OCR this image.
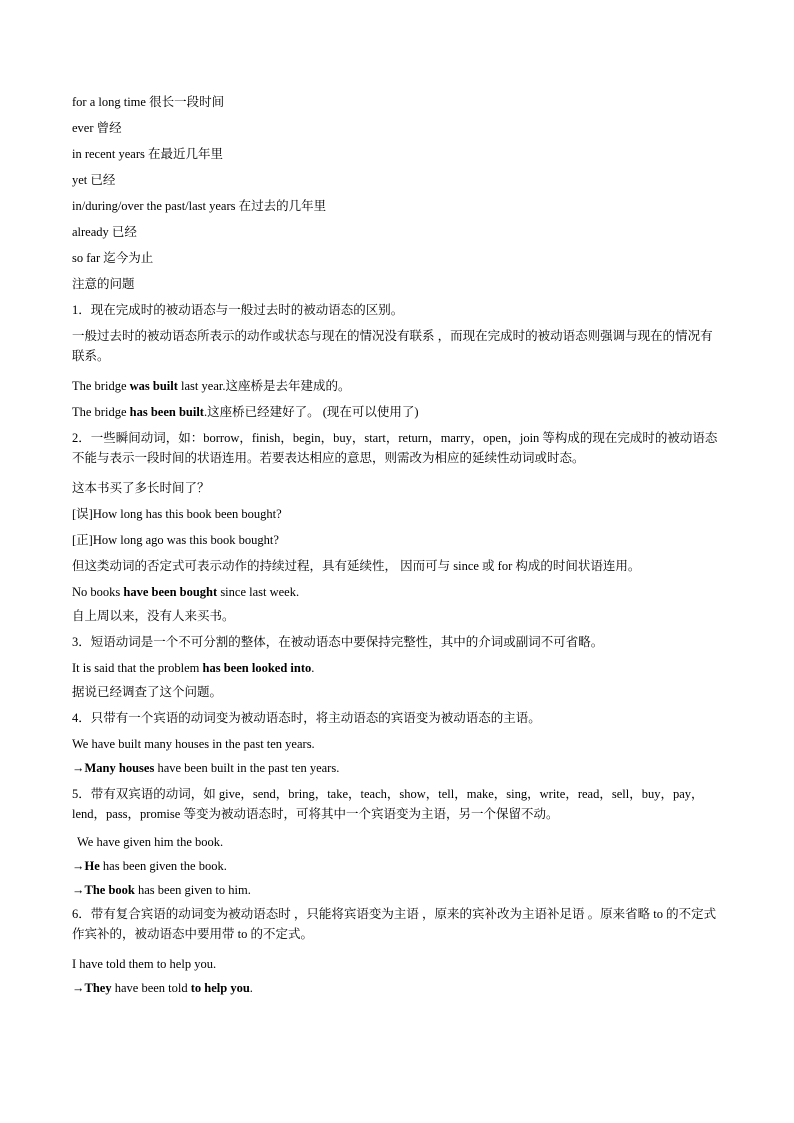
for a long time 很长一段时间
ever 曾经
in recent years 在最近几年里
yet 已经
in/during/over the past/last years 在过去的几年里
already 已经
so far 迄今为止
注意的问题
1．现在完成时的被动语态与一般过去时的被动语态的区别。
一般过去时的被动语态所表示的动作或状态与现在的情况没有联系 ，而现在完成时的被动语态则强调与现在的情况有联系。
The bridge was built last year.这座桥是去年建成的。
The bridge has been built.这座桥已经建好了。 (现在可以使用了)
2．一些瞬间动词，如：borrow，finish，begin，buy，start，return，marry，open，join 等构成的现在完成时的被动语态不能与表示一段时间的状语连用。若要表达相应的意思，则需改为相应的延续性动词或时态。
这本书买了多长时间了？
[误]How long has this book been bought?
[正]How long ago was this book bought?
但这类动词的否定式可表示动作的持续过程，具有延续性， 因而可与 since 或 for 构成的时间状语连用。
No books have been bought since last week.
自上周以来，没有人来买书。
3．短语动词是一个不可分割的整体，在被动语态中要保持完整性，其中的介词或副词不可省略。
It is said that the problem has been looked into.
据说已经调查了这个问题。
4．只带有一个宾语的动词变为被动语态时，将主动语态的宾语变为被动语态的主语。
We have built many houses in the past ten years.
→Many houses have been built in the past ten years.
5．带有双宾语的动词，如 give，send，bring，take，teach，show，tell，make，sing，write，read，sell，buy，pay，lend，pass，promise 等变为被动语态时，可将其中一个宾语变为主语，另一个保留不动。
We have given him the book.
→He has been given the book.
→The book has been given to him.
6．带有复合宾语的动词变为被动语态时 ，只能将宾语变为主语 ，原来的宾补改为主语补足语 。原来省略 to 的不定式作宾补的，被动语态中要用带 to 的不定式。
I have told them to help you.
→They have been told to help you.
